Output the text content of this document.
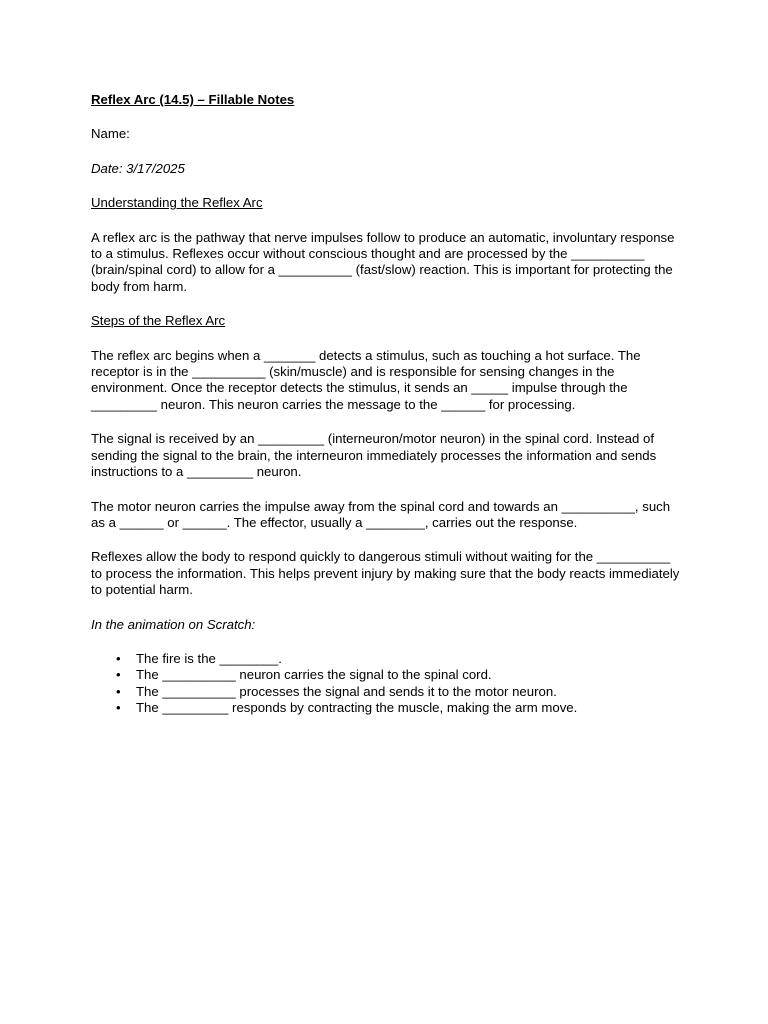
Reflex Arc (14.5) – Fillable Notes

Name:

Date: 3/17/2025

Understanding the Reflex Arc

A reflex arc is the pathway that nerve impulses follow to produce an automatic, involuntary response to a stimulus. Reflexes occur without conscious thought and are processed by the __________ (brain/spinal cord) to allow for a __________ (fast/slow) reaction. This is important for protecting the body from harm.

Steps of the Reflex Arc

The reflex arc begins when a _______ detects a stimulus, such as touching a hot surface. The receptor is in the __________ (skin/muscle) and is responsible for sensing changes in the environment. Once the receptor detects the stimulus, it sends an _____ impulse through the _________ neuron. This neuron carries the message to the ______ for processing.

The signal is received by an _________ (interneuron/motor neuron) in the spinal cord. Instead of sending the signal to the brain, the interneuron immediately processes the information and sends instructions to a _________ neuron.

The motor neuron carries the impulse away from the spinal cord and towards an __________, such as a ______ or ______. The effector, usually a ________, carries out the response.

Reflexes allow the body to respond quickly to dangerous stimuli without waiting for the __________ to process the information. This helps prevent injury by making sure that the body reacts immediately to potential harm.

In the animation on Scratch:

• The fire is the ________.
• The __________ neuron carries the signal to the spinal cord.
• The __________ processes the signal and sends it to the motor neuron.
• The _________ responds by contracting the muscle, making the arm move.
